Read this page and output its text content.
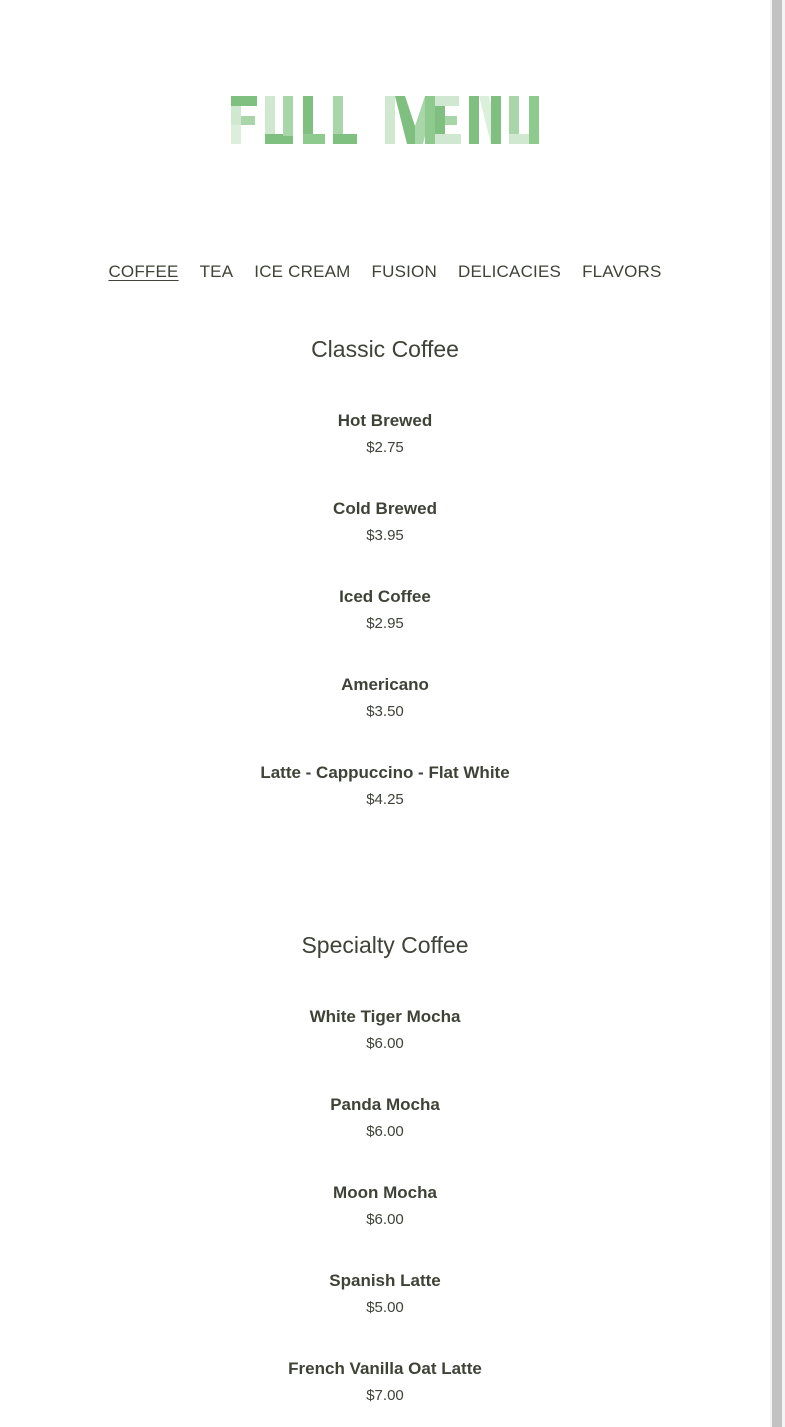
COFFEE TEA ICE CREAM FUSION DELICACIES FLAVORS
Classic Coffee
Hot Brewed
$2.75
Cold Brewed
$3.95
Iced Coffee
$2.95
Americano
$3.50
Latte - Cappuccino - Flat White
$4.25
Specialty Coffee
White Tiger Mocha
$6.00
Panda Mocha
$6.00
Moon Mocha
$6.00
Spanish Latte
$5.00
French Vanilla Oat Latte
$7.00
